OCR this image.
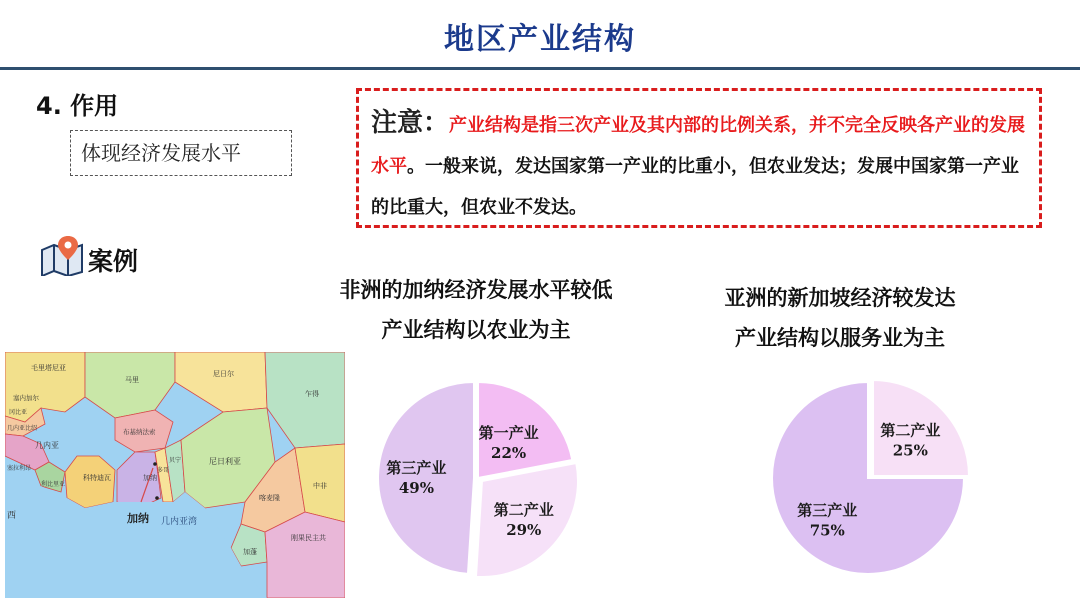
地区产业结构
4. 作用
体现经济发展水平
注意：产业结构是指三次产业及其内部的比例关系，并不完全反映各产业的发展水平。一般来说，发达国家第一产业的比重小，但农业发达；发展中国家第一产业的比重大，但农业不发达。
案例
非洲的加纳经济发展水平较低
产业结构以农业为主
亚洲的新加坡经济较发达
产业结构以服务业为主
毛里塔尼亚
马里
尼日尔
乍得
塞内加尔
冈比亚
几内亚比绍
几内亚
塞拉利昂
利比里亚
科特迪瓦
布基纳法索
加纳
多哥
贝宁	尼日利亚
喀麦隆
中非
加蓬
刚果民主共
西	加纳 几内亚湾
第一产业
22%
第二产业
29%
第三产业
49%
第二产业
25%
第三产业
75%
